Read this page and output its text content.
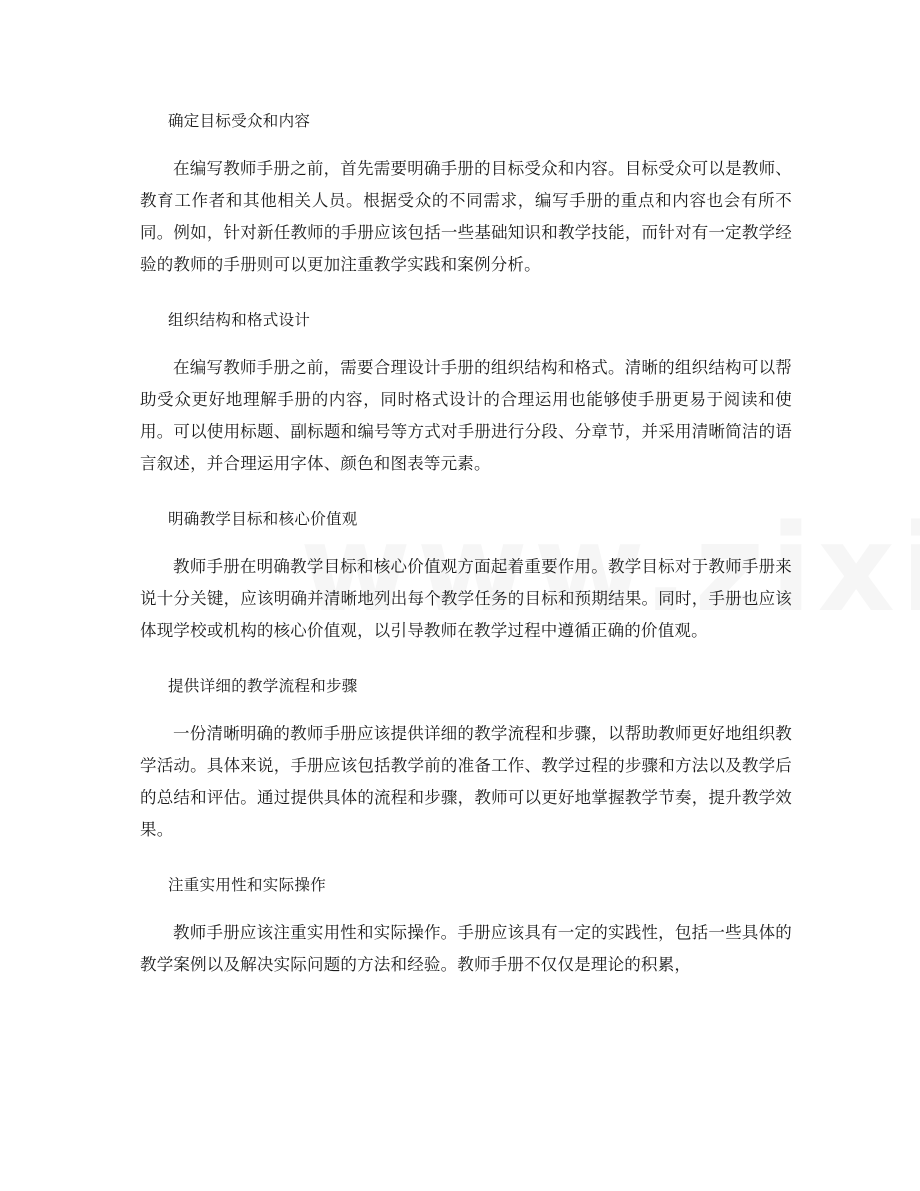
确定目标受众和内容

在编写教师手册之前，首先需要明确手册的目标受众和内容。目标受众可以是教师、教育工作者和其他相关人员。根据受众的不同需求，编写手册的重点和内容也会有所不同。例如，针对新任教师的手册应该包括一些基础知识和教学技能，而针对有一定教学经验的教师的手册则可以更加注重教学实践和案例分析。

组织结构和格式设计

在编写教师手册之前，需要合理设计手册的组织结构和格式。清晰的组织结构可以帮助受众更好地理解手册的内容，同时格式设计的合理运用也能够使手册更易于阅读和使用。可以使用标题、副标题和编号等方式对手册进行分段、分章节，并采用清晰简洁的语言叙述，并合理运用字体、颜色和图表等元素。

明确教学目标和核心价值观

教师手册在明确教学目标和核心价值观方面起着重要作用。教学目标对于教师手册来说十分关键，应该明确并清晰地列出每个教学任务的目标和预期结果。同时，手册也应该体现学校或机构的核心价值观，以引导教师在教学过程中遵循正确的价值观。

提供详细的教学流程和步骤

一份清晰明确的教师手册应该提供详细的教学流程和步骤，以帮助教师更好地组织教学活动。具体来说，手册应该包括教学前的准备工作、教学过程的步骤和方法以及教学后的总结和评估。通过提供具体的流程和步骤，教师可以更好地掌握教学节奏，提升教学效果。

注重实用性和实际操作

教师手册应该注重实用性和实际操作。手册应该具有一定的实践性，包括一些具体的教学案例以及解决实际问题的方法和经验。教师手册不仅仅是理论的积累，
